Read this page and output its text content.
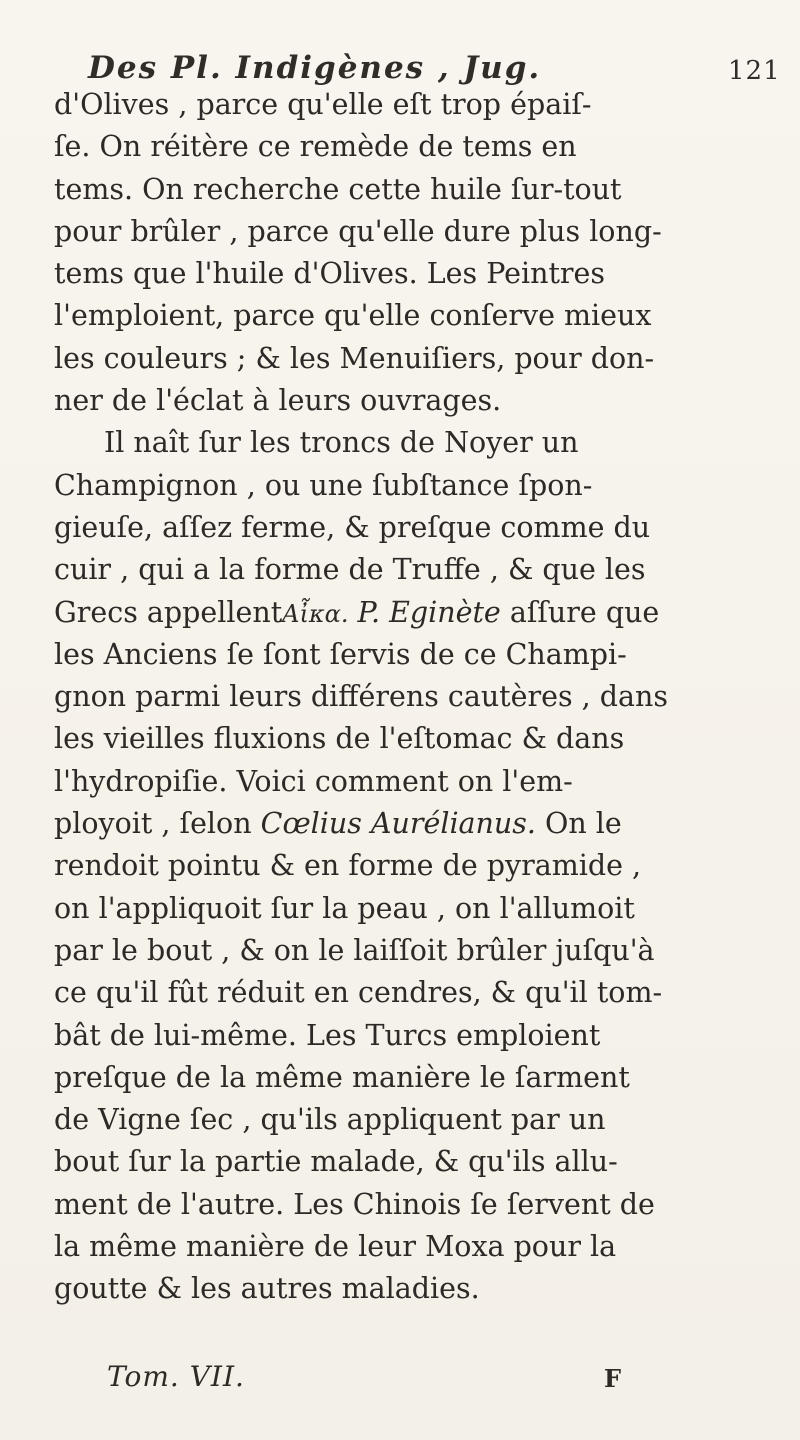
Des Pl. Indigènes , Jug.	121
d'Olives , parce qu'elle eſt trop épaiſ-
ſe. On réitère ce remède de tems en
tems. On recherche cette huile ſur-tout
pour brûler , parce qu'elle dure plus long-
tems que l'huile d'Olives. Les Peintres
l'emploient, parce qu'elle conſerve mieux
les couleurs ; & les Menuiſiers, pour don-
ner de l'éclat à leurs ouvrages.
Il naît ſur les troncs de Noyer un
Champignon , ou une ſubſtance ſpon-
gieuſe, aſſez ferme, & preſque comme du
cuir , qui a la forme de Truffe , & que les
Grecs appellentΑἶκα. P. Eginète aſſure que
les Anciens ſe ſont ſervis de ce Champi-
gnon parmi leurs différens cautères , dans
les vieilles fluxions de l'eſtomac & dans
l'hydropiſie. Voici comment on l'em-
ployoit , ſelon Cœlius Aurélianus. On le
rendoit pointu & en forme de pyramide ,
on l'appliquoit ſur la peau , on l'allumoit
par le bout , & on le laiſſoit brûler juſqu'à
ce qu'il fût réduit en cendres, & qu'il tom-
bât de lui-même. Les Turcs emploient
preſque de la même manière le ſarment
de Vigne ſec , qu'ils appliquent par un
bout ſur la partie malade, & qu'ils allu-
ment de l'autre. Les Chinois ſe ſervent de
la même manière de leur Moxa pour la
goutte & les autres maladies.
Tom. VII.	F
